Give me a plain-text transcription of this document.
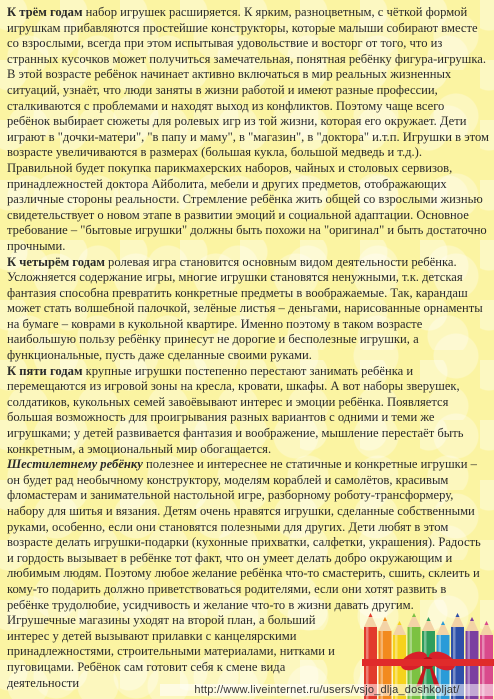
К трём годам набор игрушек расширяется. К ярким, разноцветным, с чёткой формой игрушкам прибавляются простейшие конструкторы, которые малыши собирают вместе со взрослыми, всегда при этом испытывая удовольствие и восторг от того, что из странных кусочков может получиться замечательная, понятная ребёнку фигура-игрушка. В этой возрасте ребёнок начинает активно включаться в мир реальных жизненных ситуаций, узнаёт, что люди заняты в жизни работой и имеют разные профессии, сталкиваются с проблемами и находят выход из конфликтов. Поэтому чаще всего ребёнок выбирает сюжеты для ролевых игр из той жизни, которая его окружает. Дети играют в "дочки-матери", "в папу и маму", в "магазин", в "доктора" и.т.п. Игрушки в этом возрасте увеличиваются в размерах (большая кукла, большой медведь и т.д.). Правильной будет покупка парикмахерских наборов, чайных и столовых сервизов, принадлежностей доктора Айболита, мебели и других предметов, отображающих различные стороны реальности. Стремление ребёнка жить общей со взрослыми жизнью свидетельствует о новом этапе в развитии эмоций и социальной адаптации. Основное требование – "бытовые игрушки" должны быть похожи на "оригинал" и быть достаточно прочными.

К четырём годам ролевая игра становится основным видом деятельности ребёнка. Усложняется содержание игры, многие игрушки становятся ненужными, т.к. детская фантазия способна превратить конкретные предметы в воображаемые. Так, карандаш может стать волшебной палочкой, зелёные листья – деньгами, нарисованные орнаменты на бумаге – коврами в кукольной квартире. Именно поэтому в таком возрасте наибольшую пользу ребёнку принесут не дорогие и бесполезные игрушки, а функциональные, пусть даже сделанные своими руками.

К пяти годам крупные игрушки постепенно перестают занимать ребёнка и перемещаются из игровой зоны на кресла, кровати, шкафы. А вот наборы зверушек, солдатиков, кукольных семей завоёвывают интерес и эмоции ребёнка. Появляется большая возможность для проигрывания разных вариантов с одними и теми же игрушками; у детей развивается фантазия и воображение, мышление перестаёт быть конкретным, а эмоциональный мир обогащается.

Шестилетнему ребёнку полезнее и интереснее не статичные и конкретные игрушки – он будет рад необычному конструктору, моделям кораблей и самолётов, красивым фломастерам и занимательной настольной игре, разборному роботу-трансформеру, набору для шитья и вязания. Детям очень нравятся игрушки, сделанные собственными руками, особенно, если они становятся полезными для других. Дети любят в этом возрасте делать игрушки-подарки (кухонные прихватки, салфетки, украшения). Радость и гордость вызывает в ребёнке тот факт, что он умеет делать добро окружающим и любимым людям. Поэтому любое желание ребёнка что-то смастерить, сшить, склеить и кому-то подарить должно приветствоваться родителями, если они хотят развить в ребёнке трудолюбие, усидчивость и желание что-то в жизни давать другим.

Игрушечные магазины уходят на второй план, а больший интерес у детей вызывают прилавки с канцелярскими принадлежностями, строительными материалами, нитками и пуговицами. Ребёнок сам готовит себя к смене вида деятельности

http://www.liveinternet.ru/users/vsjo_dlja_doshkoljat/
